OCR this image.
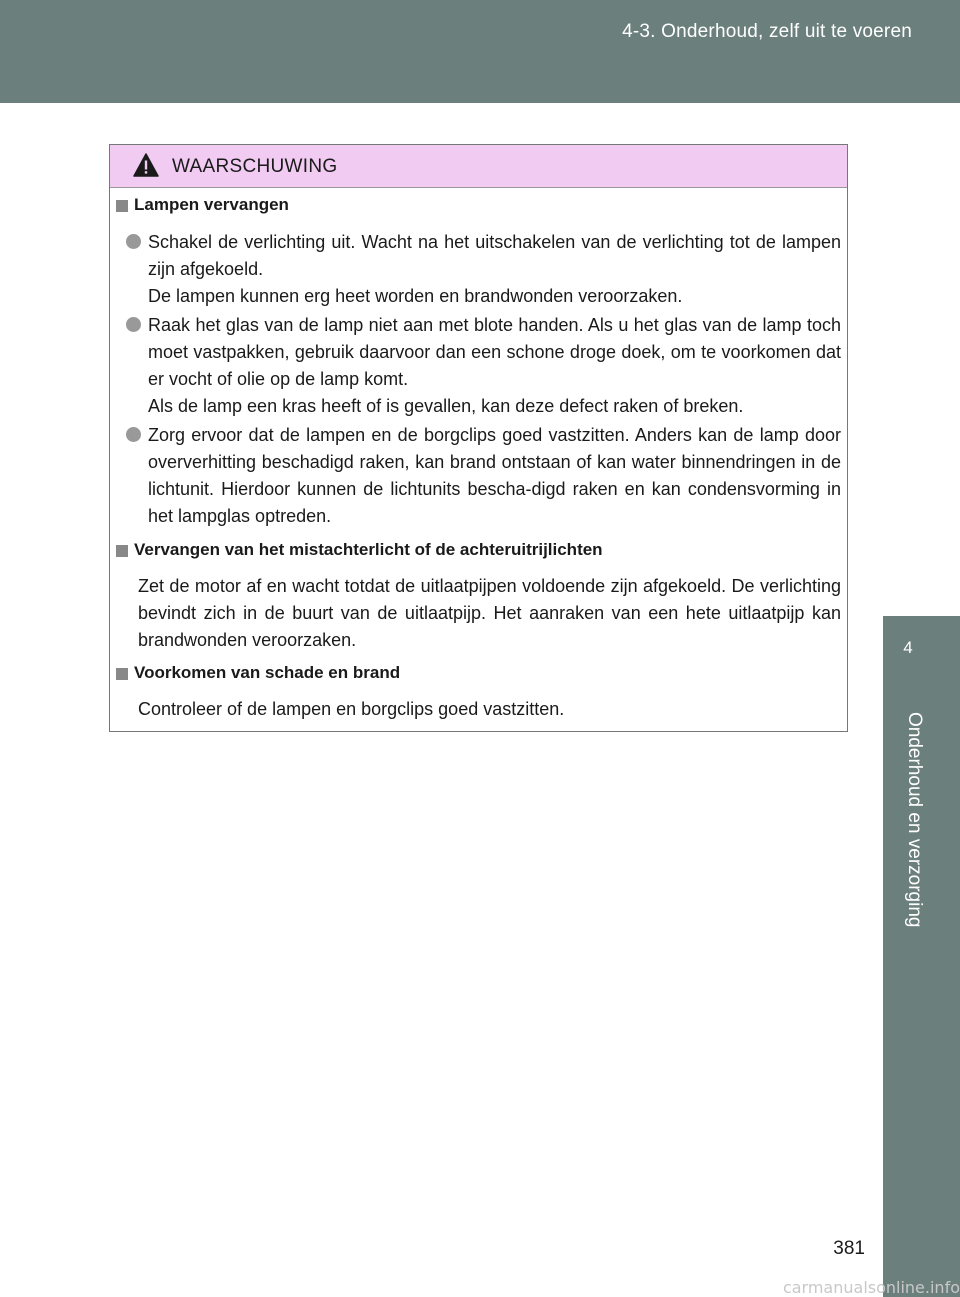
4-3. Onderhoud, zelf uit te voeren
4
Onderhoud en verzorging
WAARSCHUWING
Lampen vervangen
Schakel de verlichting uit. Wacht na het uitschakelen van de verlichting tot de lampen zijn afgekoeld.
De lampen kunnen erg heet worden en brandwonden veroorzaken.
Raak het glas van de lamp niet aan met blote handen. Als u het glas van de lamp toch moet vastpakken, gebruik daarvoor dan een schone droge doek, om te voorkomen dat er vocht of olie op de lamp komt.
Als de lamp een kras heeft of is gevallen, kan deze defect raken of breken.
Zorg ervoor dat de lampen en de borgclips goed vastzitten. Anders kan de lamp door oververhitting beschadigd raken, kan brand ontstaan of kan water binnendringen in de lichtunit. Hierdoor kunnen de lichtunits bescha-digd raken en kan condensvorming in het lampglas optreden.
Vervangen van het mistachterlicht of de achteruitrijlichten
Zet de motor af en wacht totdat de uitlaatpijpen voldoende zijn afgekoeld. De verlichting bevindt zich in de buurt van de uitlaatpijp. Het aanraken van een hete uitlaatpijp kan brandwonden veroorzaken.
Voorkomen van schade en brand
Controleer of de lampen en borgclips goed vastzitten.
381
carmanualsonline.info
